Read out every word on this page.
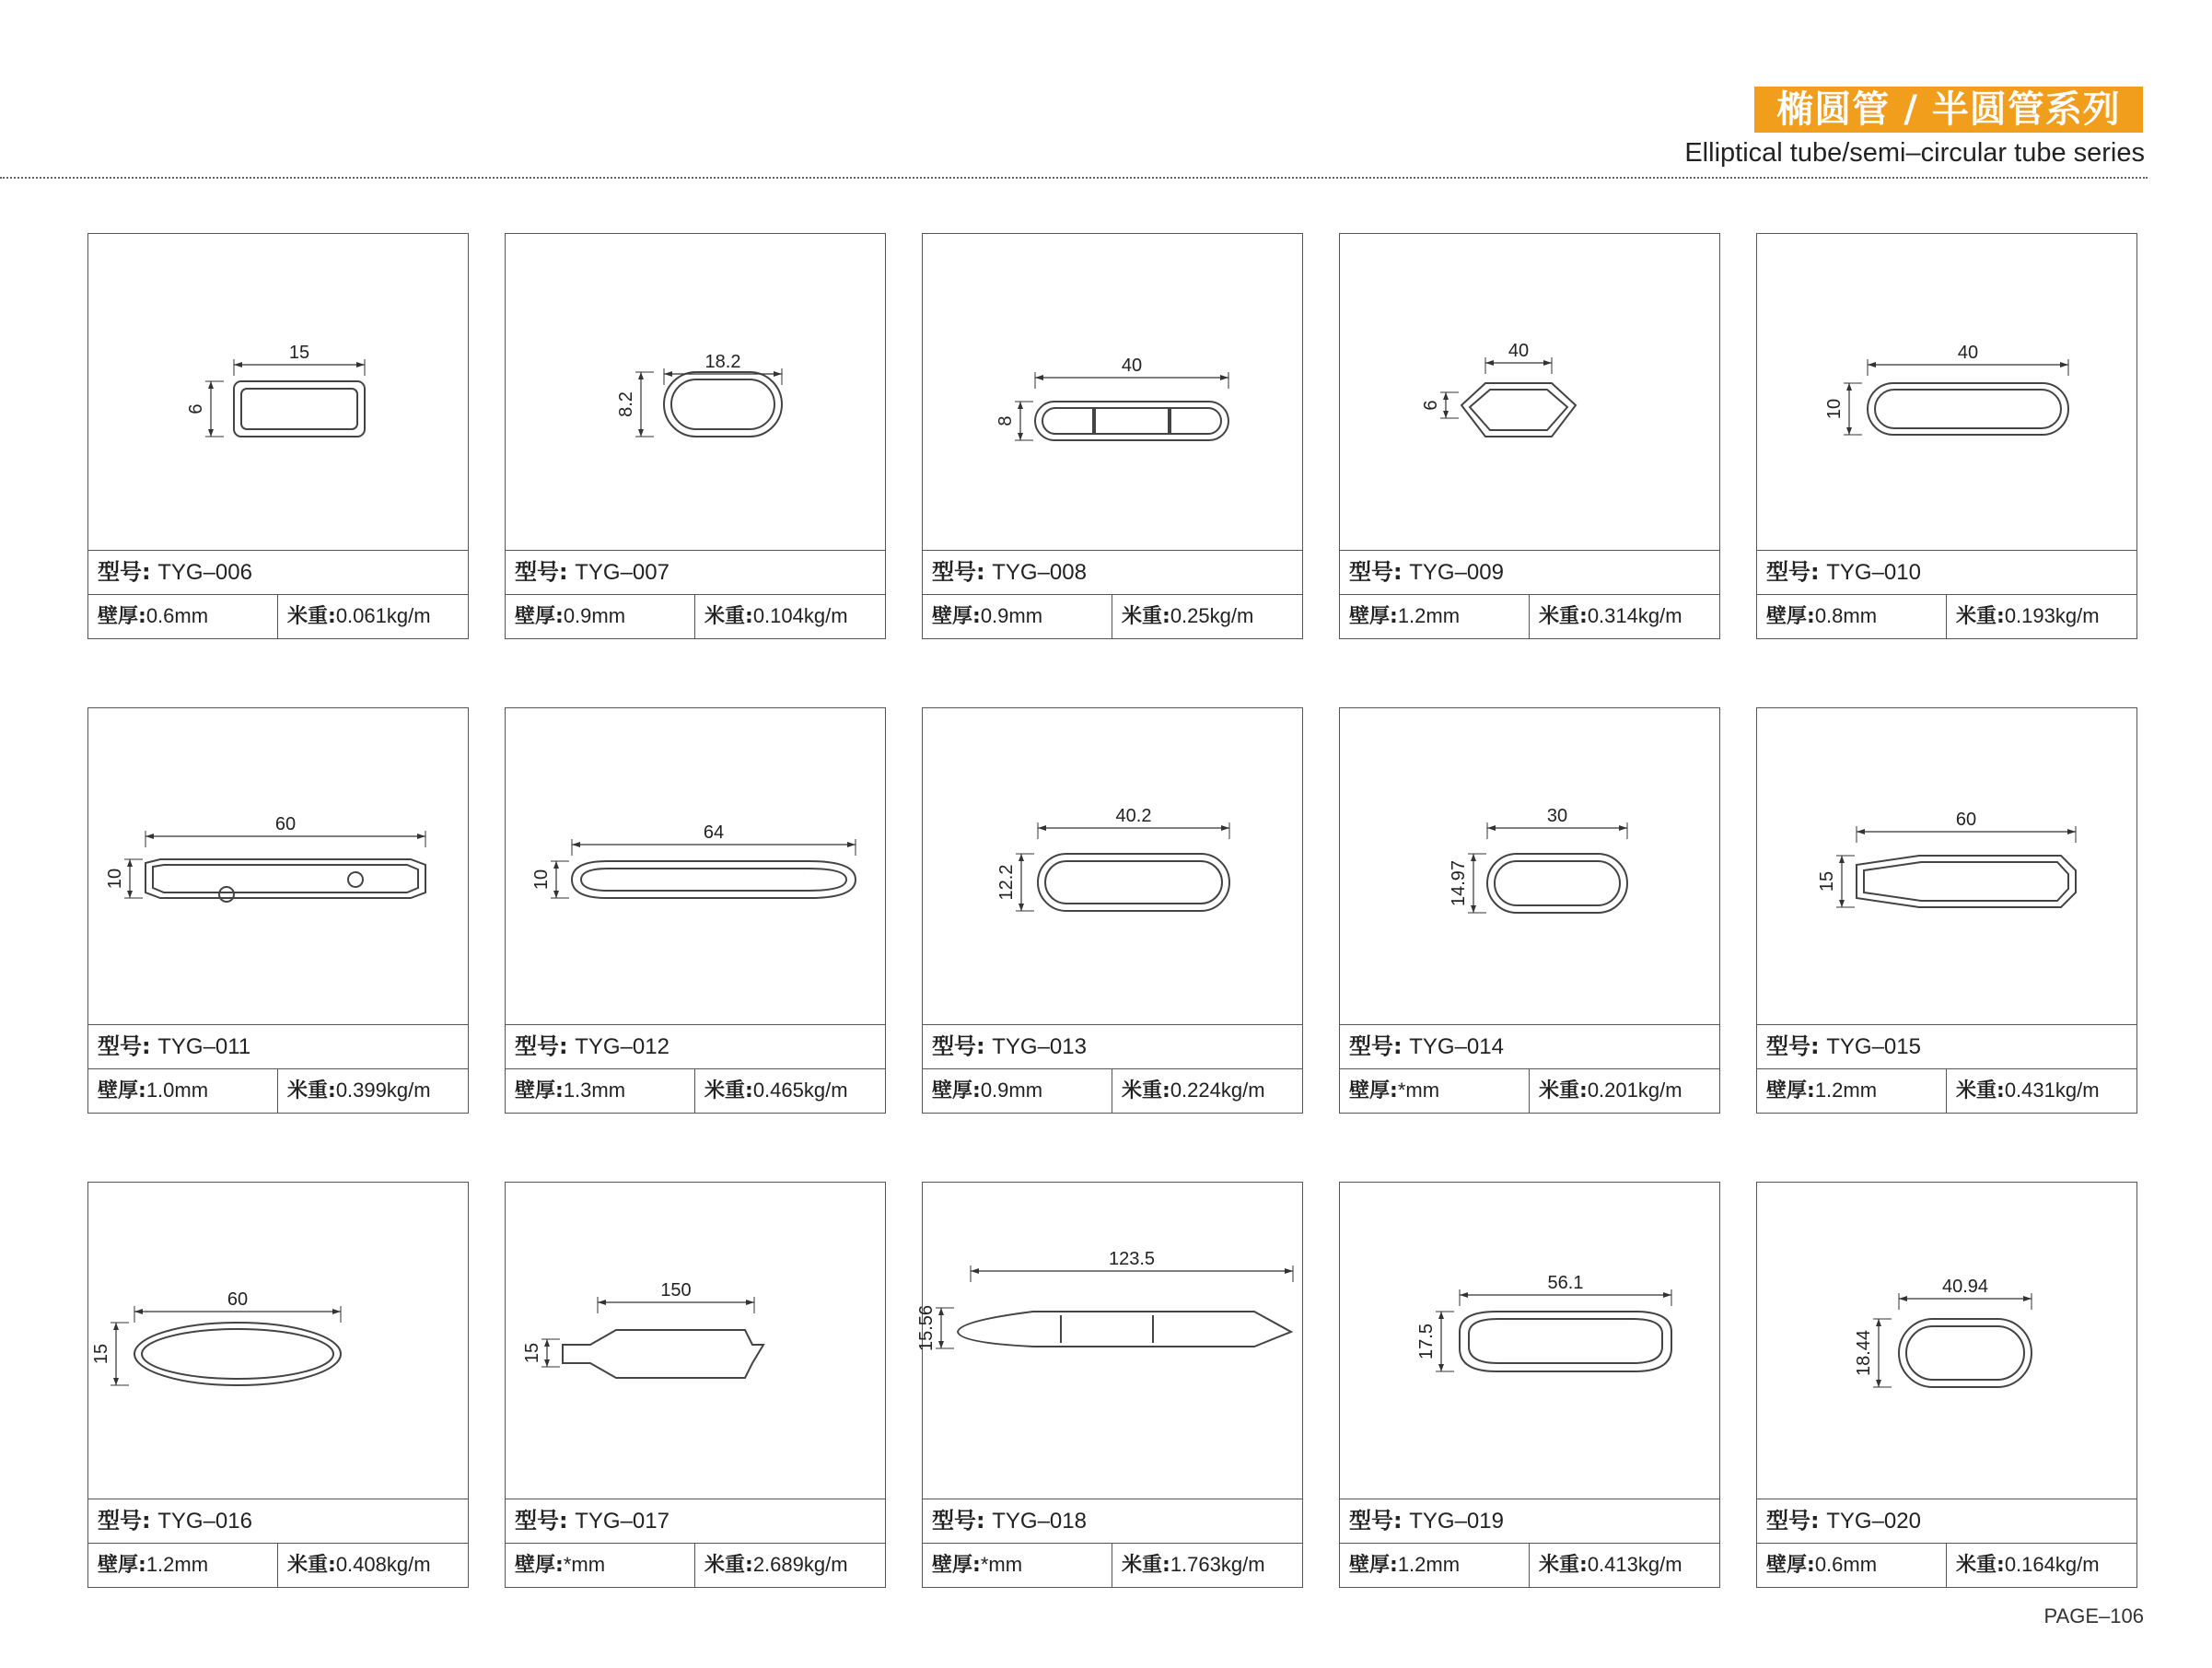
椭圆管 / 半圆管系列
Elliptical tube/semi–circular tube series
15
6
型号: TYG–006
壁厚:0.6mm	米重:0.061kg/m
18.2
8.2
型号: TYG–007
壁厚:0.9mm	米重:0.104kg/m
40
8
型号: TYG–008
壁厚:0.9mm	米重:0.25kg/m
40
6
型号: TYG–009
壁厚:1.2mm	米重:0.314kg/m
40
10
型号: TYG–010
壁厚:0.8mm	米重:0.193kg/m
60
10
型号: TYG–011
壁厚:1.0mm	米重:0.399kg/m
64
10
型号: TYG–012
壁厚:1.3mm	米重:0.465kg/m
40.2
12.2
型号: TYG–013
壁厚:0.9mm	米重:0.224kg/m
30
14.97
型号: TYG–014
壁厚:*mm	米重:0.201kg/m
60
15
型号: TYG–015
壁厚:1.2mm	米重:0.431kg/m
60
15
型号: TYG–016
壁厚:1.2mm	米重:0.408kg/m
150
15
型号: TYG–017
壁厚:*mm	米重:2.689kg/m
123.5
15.56
型号: TYG–018
壁厚:*mm	米重:1.763kg/m
56.1
17.5
型号: TYG–019
壁厚:1.2mm	米重:0.413kg/m
40.94
18.44
型号: TYG–020
壁厚:0.6mm	米重:0.164kg/m
PAGE–106
